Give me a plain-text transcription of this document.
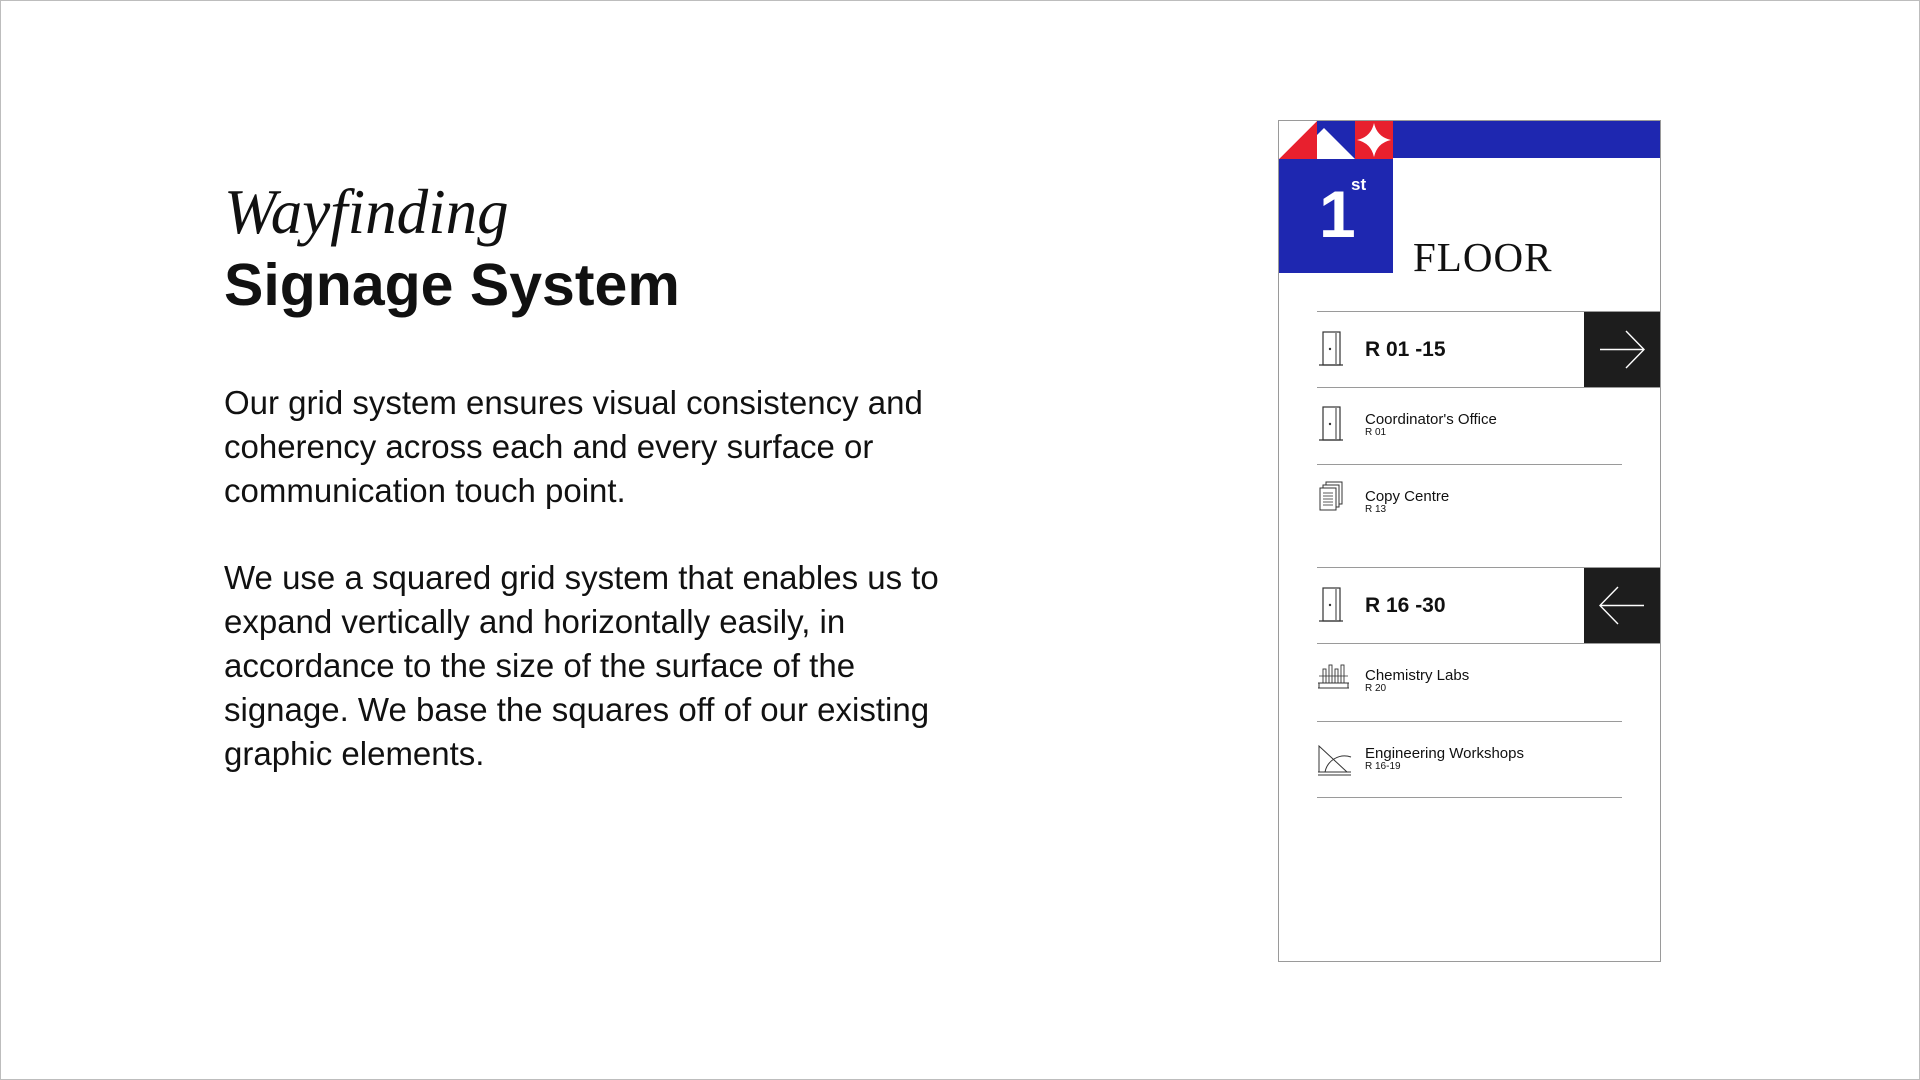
Wayfinding
Signage System

Our grid system ensures visual consistency and coherency across each and every surface or communication touch point.

We use a squared grid system that enables us to expand vertically and horizontally easily, in accordance to the size of the surface of the signage. We base the squares off of our existing graphic elements.

1
st
FLOOR
R 01 -15
Coordinator's Office
R 01
Copy Centre
R 13
R 16 -30
Chemistry Labs
R 20
Engineering Workshops
R 16-19
